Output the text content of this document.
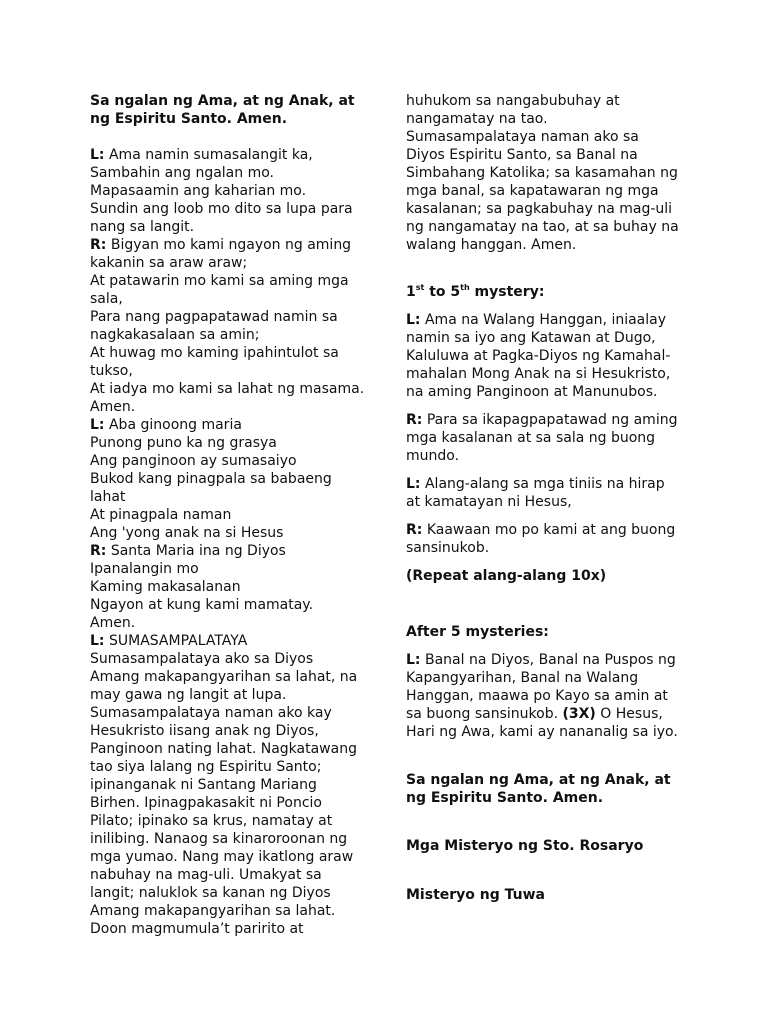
Sa ngalan ng Ama, at ng Anak, at
ng Espiritu Santo. Amen.
L: Ama namin sumasalangit ka,
Sambahin ang ngalan mo.
Mapasaamin ang kaharian mo.
Sundin ang loob mo dito sa lupa para
nang sa langit.
R: Bigyan mo kami ngayon ng aming
kakanin sa araw araw;
At patawarin mo kami sa aming mga
sala,
Para nang pagpapatawad namin sa
nagkakasalaan sa amin;
At huwag mo kaming ipahintulot sa
tukso,
At iadya mo kami sa lahat ng masama.
Amen.
L: Aba ginoong maria
Punong puno ka ng grasya
Ang panginoon ay sumasaiyo
Bukod kang pinagpala sa babaeng
lahat
At pinagpala naman
Ang 'yong anak na si Hesus
R: Santa Maria ina ng Diyos
Ipanalangin mo
Kaming makasalanan
Ngayon at kung kami mamatay.
Amen.
L: SUMASAMPALATAYA
Sumasampalataya ako sa Diyos
Amang makapangyarihan sa lahat, na
may gawa ng langit at lupa.
Sumasampalataya naman ako kay
Hesukristo iisang anak ng Diyos,
Panginoon nating lahat. Nagkatawang
tao siya lalang ng Espiritu Santo;
ipinanganak ni Santang Mariang
Birhen. Ipinagpakasakit ni Poncio
Pilato; ipinako sa krus, namatay at
inilibing. Nanaog sa kinaroroonan ng
mga yumao. Nang may ikatlong araw
nabuhay na mag-uli. Umakyat sa
langit; naluklok sa kanan ng Diyos
Amang makapangyarihan sa lahat.
Doon magmumula’t paririto at
huhukom sa nangabubuhay at
nangamatay na tao.
Sumasampalataya naman ako sa
Diyos Espiritu Santo, sa Banal na
Simbahang Katolika; sa kasamahan ng
mga banal, sa kapatawaran ng mga
kasalanan; sa pagkabuhay na mag-uli
ng nangamatay na tao, at sa buhay na
walang hanggan. Amen.
1st to 5th mystery:
L: Ama na Walang Hanggan, iniaalay
namin sa iyo ang Katawan at Dugo,
Kaluluwa at Pagka-Diyos ng Kamahal-
mahalan Mong Anak na si Hesukristo,
na aming Panginoon at Manunubos.
R: Para sa ikapagpapatawad ng aming
mga kasalanan at sa sala ng buong
mundo.
L: Alang-alang sa mga tiniis na hirap
at kamatayan ni Hesus,
R: Kaawaan mo po kami at ang buong
sansinukob.
(Repeat alang-alang 10x)
After 5 mysteries:
L: Banal na Diyos, Banal na Puspos ng
Kapangyarihan, Banal na Walang
Hanggan, maawa po Kayo sa amin at
sa buong sansinukob. (3X) O Hesus,
Hari ng Awa, kami ay nananalig sa iyo.
Sa ngalan ng Ama, at ng Anak, at
ng Espiritu Santo. Amen.
Mga Misteryo ng Sto. Rosaryo
Misteryo ng Tuwa
